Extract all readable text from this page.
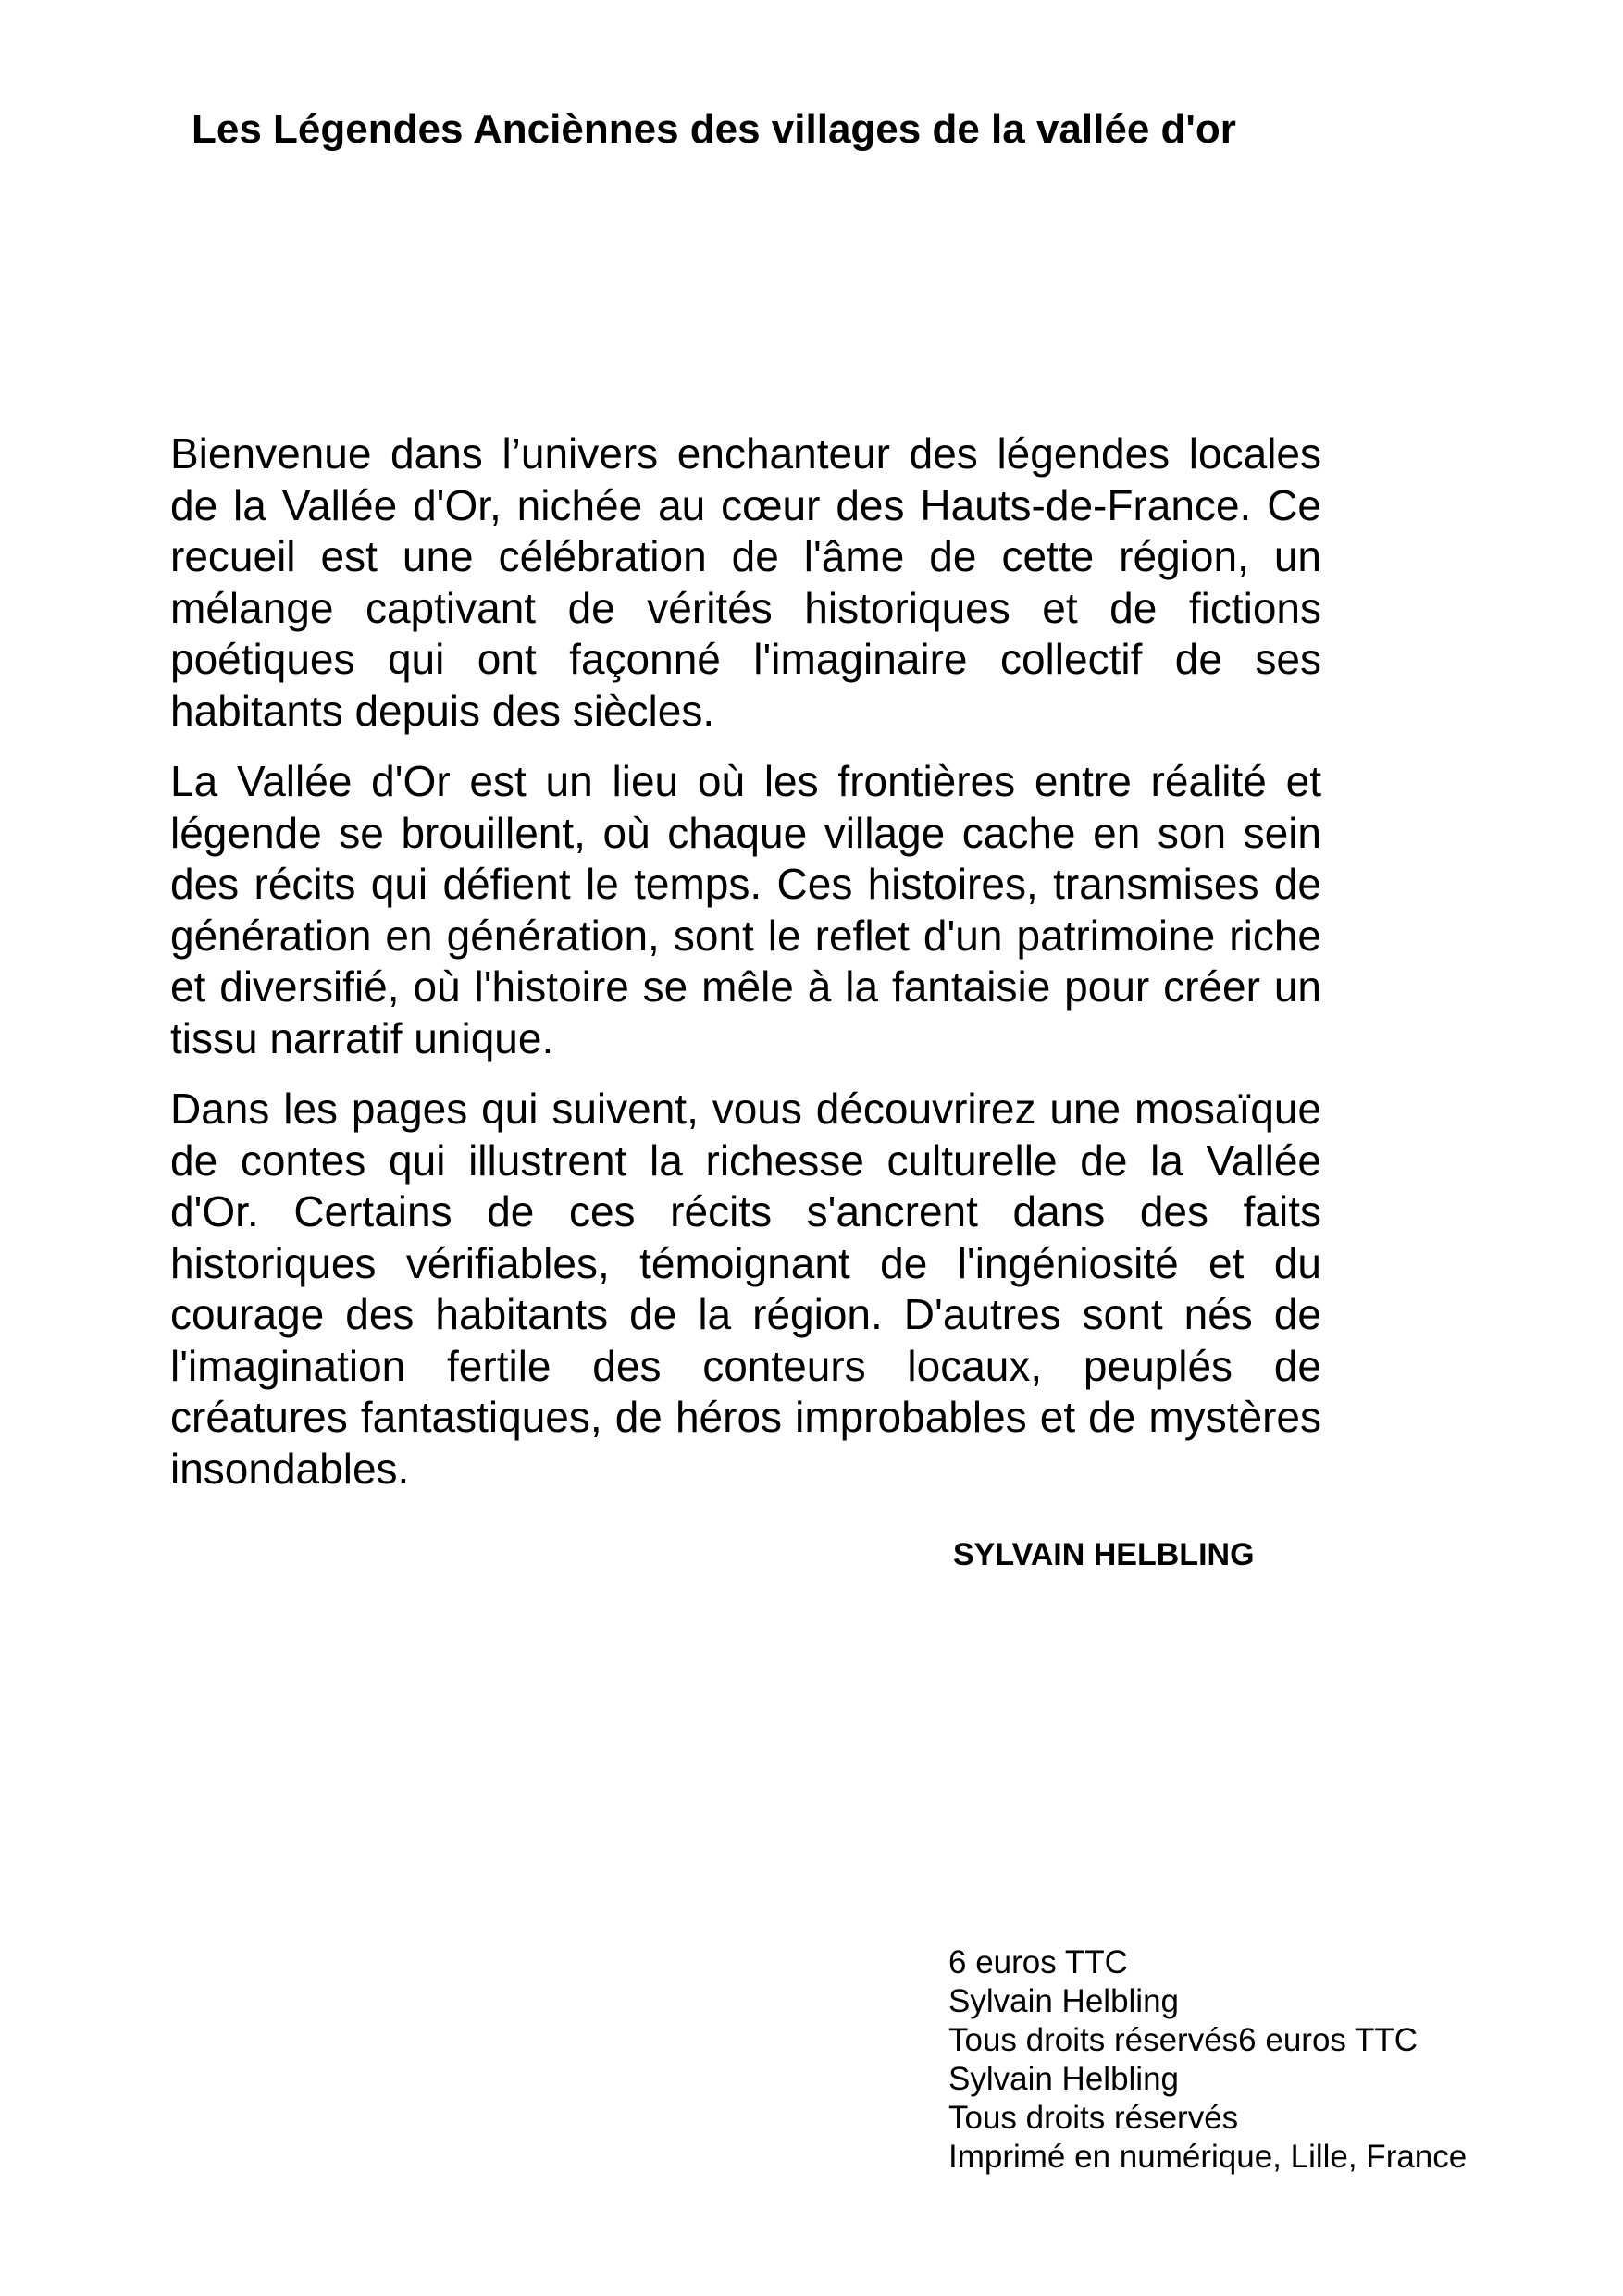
Les Légendes Anciènnes des villages de la vallée d'or

Bienvenue dans l’univers enchanteur des légendes locales de la Vallée d'Or, nichée au cœur des Hauts-de-France. Ce recueil est une célébration de l'âme de cette région, un mélange captivant de vérités historiques et de fictions poétiques qui ont façonné l'imaginaire collectif de ses habitants depuis des siècles.

La Vallée d'Or est un lieu où les frontières entre réalité et légende se brouillent, où chaque village cache en son sein des récits qui défient le temps. Ces histoires, transmises de génération en génération, sont le reflet d'un patrimoine riche et diversifié, où l'histoire se mêle à la fantaisie pour créer un tissu narratif unique.

Dans les pages qui suivent, vous découvrirez une mosaïque de contes qui illustrent la richesse culturelle de la Vallée d'Or. Certains de ces récits s'ancrent dans des faits historiques vérifiables, témoignant de l'ingéniosité et du courage des habitants de la région. D'autres sont nés de l'imagination fertile des conteurs locaux, peuplés de créatures fantastiques, de héros improbables et de mystères insondables.

SYLVAIN HELBLING
6 euros TTC
Sylvain Helbling
Tous droits réservés6 euros TTC
Sylvain Helbling
Tous droits réservés
Imprimé en numérique, Lille, France
